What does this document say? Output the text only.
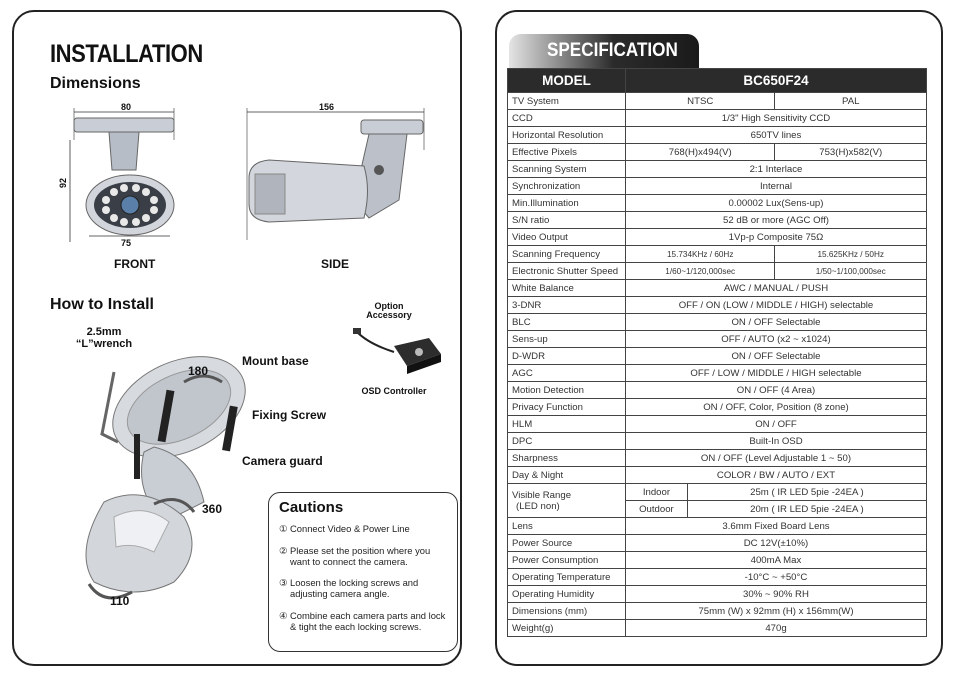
INSTALLATION
Dimensions
80
92
75
FRONT
156
SIDE
How to Install	Option
Accessory
OSD Controller
2.5mm
“L”wrench
180
360
110
Mount base
Fixing Screw
Camera guard
Cautions
① Connect Video & Power Line
② Please set the position where you
want to connect the camera.
③ Loosen the locking screws and
adjusting camera angle.
④ Combine each camera parts and lock
& tight the each locking screws.
SPECIFICATION
MODEL	BC650F24		
TV System	NTSC		PAL
CCD	1/3" High Sensitivity CCD		
Horizontal Resolution	650TV lines		
Effective Pixels	768(H)x494(V)		753(H)x582(V)
Scanning System	2:1 Interlace		
Synchronization	Internal		
Min.Illumination	0.00002 Lux(Sens-up)		
S/N ratio	52 dB or more (AGC Off)		
Video Output	1Vp-p Composite 75Ω		
Scanning Frequency	15.734KHz / 60Hz		15.625KHz / 50Hz
Electronic Shutter Speed	1/60~1/120,000sec		1/50~1/100,000sec
White Balance	AWC / MANUAL / PUSH		
3-DNR	OFF / ON (LOW / MIDDLE / HIGH) selectable		
BLC	ON / OFF Selectable		
Sens-up	OFF / AUTO (x2 ~ x1024)		
D-WDR	ON / OFF Selectable		
AGC	OFF / LOW / MIDDLE / HIGH selectable		
Motion Detection	ON / OFF (4 Area)		
Privacy Function	ON / OFF, Color, Position (8 zone)		
HLM	ON / OFF		
DPC	Built-In OSD		
Sharpness	ON / OFF (Level Adjustable 1 ~ 50)		
Day & Night	COLOR / BW / AUTO / EXT		

Visible Range
(LED non)	Indoor	25m ( IR LED 5pie -24EA )	
	Outdoor	20m ( IR LED 5pie -24EA )	
Lens	3.6mm Fixed Board Lens		
Power Source	DC 12V(±10%)		
Power Consumption	400mA Max		
Operating Temperature	-10°C ~ +50°C		
Operating Humidity	30% ~ 90% RH		
Dimensions (mm)	75mm (W) x 92mm (H) x 156mm(W)		
Weight(g)	470g		
